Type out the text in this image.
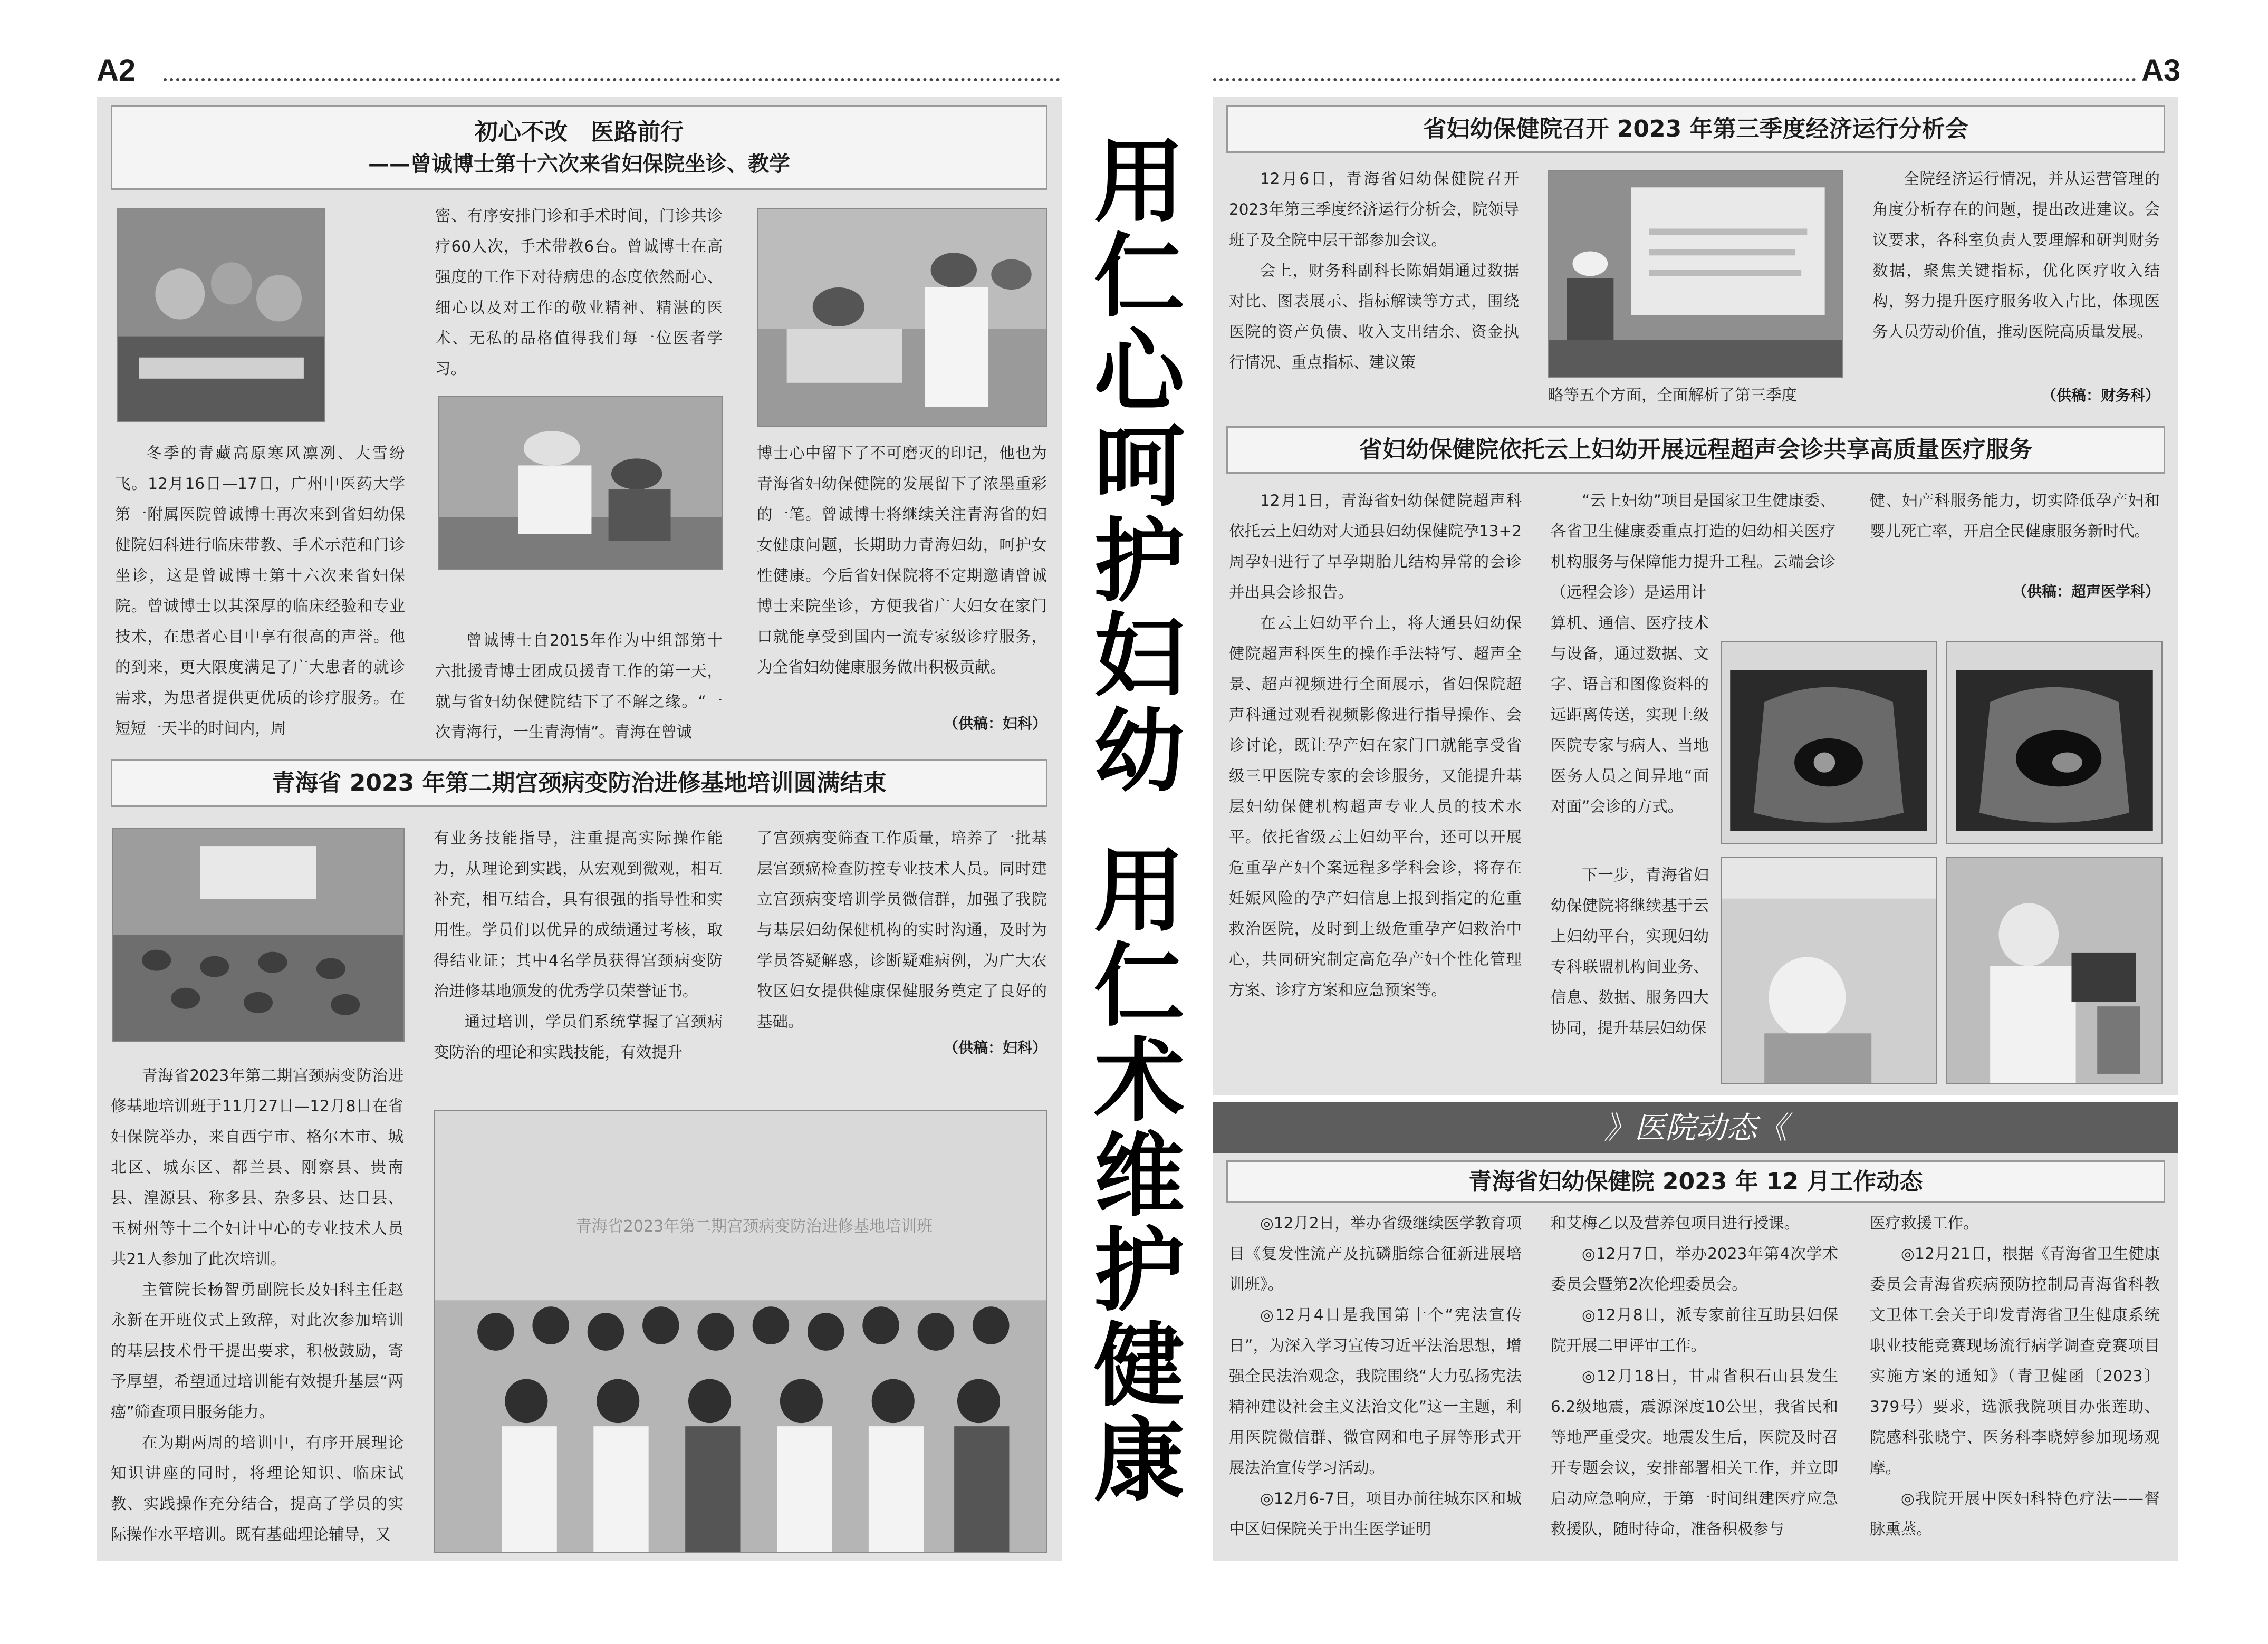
A2	A3
初心不改　医路前行
——曾诚博士第十六次来省妇保院坐诊、教学

冬季的青藏高原寒风凛冽、大雪纷飞。12月16日—17日，广州中医药大学第一附属医院曾诚博士再次来到省妇幼保健院妇科进行临床带教、手术示范和门诊坐诊，这是曾诚博士第十六次来省妇保院。曾诚博士以其深厚的临床经验和专业技术，在患者心目中享有很高的声誉。他的到来，更大限度满足了广大患者的就诊需求，为患者提供更优质的诊疗服务。在短短一天半的时间内，周

密、有序安排门诊和手术时间，门诊共诊疗60人次，手术带教6台。曾诚博士在高强度的工作下对待病患的态度依然耐心、细心以及对工作的敬业精神、精湛的医术、无私的品格值得我们每一位医者学习。

曾诚博士自2015年作为中组部第十六批援青博士团成员援青工作的第一天，就与省妇幼保健院结下了不解之缘。“一次青海行，一生青海情”。青海在曾诚

博士心中留下了不可磨灭的印记，他也为青海省妇幼保健院的发展留下了浓墨重彩的一笔。曾诚博士将继续关注青海省的妇女健康问题，长期助力青海妇幼，呵护女性健康。今后省妇保院将不定期邀请曾诚博士来院坐诊，方便我省广大妇女在家门口就能享受到国内一流专家级诊疗服务，为全省妇幼健康服务做出积极贡献。

（供稿：妇科）
青海省 2023 年第二期宫颈病变防治进修基地培训圆满结束

青海省2023年第二期宫颈病变防治进修基地培训班于11月27日—12月8日在省妇保院举办，来自西宁市、格尔木市、城北区、城东区、都兰县、刚察县、贵南县、湟源县、称多县、杂多县、达日县、玉树州等十二个妇计中心的专业技术人员共21人参加了此次培训。

主管院长杨智勇副院长及妇科主任赵永新在开班仪式上致辞，对此次参加培训的基层技术骨干提出要求，积极鼓励，寄予厚望，希望通过培训能有效提升基层“两癌”筛查项目服务能力。

在为期两周的培训中，有序开展理论知识讲座的同时，将理论知识、临床试教、实践操作充分结合，提高了学员的实际操作水平培训。既有基础理论辅导，又

有业务技能指导，注重提高实际操作能力，从理论到实践，从宏观到微观，相互补充，相互结合，具有很强的指导性和实用性。学员们以优异的成绩通过考核，取得结业证；其中4名学员获得宫颈病变防治进修基地颁发的优秀学员荣誉证书。

通过培训，学员们系统掌握了宫颈病变防治的理论和实践技能，有效提升

了宫颈病变筛查工作质量，培养了一批基层宫颈癌检查防控专业技术人员。同时建立宫颈病变培训学员微信群，加强了我院与基层妇幼保健机构的实时沟通，及时为学员答疑解惑，诊断疑难病例，为广大农牧区妇女提供健康保健服务奠定了良好的基础。

（供稿：妇科）
青海省2023年第二期宫颈病变防治进修基地培训班
用仁心呵护妇幼
用仁术维护健康
省妇幼保健院召开 2023 年第三季度经济运行分析会

12月6日，青海省妇幼保健院召开2023年第三季度经济运行分析会，院领导班子及全院中层干部参加会议。

会上，财务科副科长陈娟娟通过数据对比、图表展示、指标解读等方式，围绕医院的资产负债、收入支出结余、资金执行情况、重点指标、建议策

略等五个方面，全面解析了第三季度

全院经济运行情况，并从运营管理的角度分析存在的问题，提出改进建议。会议要求，各科室负责人要理解和研判财务数据，聚焦关键指标，优化医疗收入结构，努力提升医疗服务收入占比，体现医务人员劳动价值，推动医院高质量发展。

（供稿：财务科）
省妇幼保健院依托云上妇幼开展远程超声会诊共享高质量医疗服务

12月1日，青海省妇幼保健院超声科依托云上妇幼对大通县妇幼保健院孕13+2周孕妇进行了早孕期胎儿结构异常的会诊并出具会诊报告。

在云上妇幼平台上，将大通县妇幼保健院超声科医生的操作手法特写、超声全景、超声视频进行全面展示，省妇保院超声科通过观看视频影像进行指导操作、会诊讨论，既让孕产妇在家门口就能享受省级三甲医院专家的会诊服务，又能提升基层妇幼保健机构超声专业人员的技术水平。依托省级云上妇幼平台，还可以开展危重孕产妇个案远程多学科会诊，将存在妊娠风险的孕产妇信息上报到指定的危重救治医院，及时到上级危重孕产妇救治中心，共同研究制定高危孕产妇个性化管理方案、诊疗方案和应急预案等。

“云上妇幼”项目是国家卫生健康委、各省卫生健康委重点打造的妇幼相关医疗机构服务与保障能力提升工程。云端会诊（远程会诊）是运用计

算机、通信、医疗技术与设备，通过数据、文字、语言和图像资料的远距离传送，实现上级医院专家与病人、当地医务人员之间异地“面对面”会诊的方式。

下一步，青海省妇幼保健院将继续基于云上妇幼平台，实现妇幼专科联盟机构间业务、信息、数据、服务四大协同，提升基层妇幼保

健、妇产科服务能力，切实降低孕产妇和婴儿死亡率，开启全民健康服务新时代。

（供稿：超声医学科）
》医院动态《
青海省妇幼保健院 2023 年 12 月工作动态

◎12月2日，举办省级继续医学教育项目《复发性流产及抗磷脂综合征新进展培训班》。

◎12月4日是我国第十个“宪法宣传日”，为深入学习宣传习近平法治思想，增强全民法治观念，我院围绕“大力弘扬宪法精神建设社会主义法治文化”这一主题，利用医院微信群、微官网和电子屏等形式开展法治宣传学习活动。

◎12月6-7日，项目办前往城东区和城中区妇保院关于出生医学证明

和艾梅乙以及营养包项目进行授课。

◎12月7日，举办2023年第4次学术委员会暨第2次伦理委员会。

◎12月8日，派专家前往互助县妇保院开展二甲评审工作。

◎12月18日，甘肃省积石山县发生6.2级地震，震源深度10公里，我省民和等地严重受灾。地震发生后，医院及时召开专题会议，安排部署相关工作，并立即启动应急响应，于第一时间组建医疗应急救援队，随时待命，准备积极参与

医疗救援工作。

◎12月21日，根据《青海省卫生健康委员会青海省疾病预防控制局青海省科教文卫体工会关于印发青海省卫生健康系统职业技能竞赛现场流行病学调查竞赛项目实施方案的通知》（青卫健函〔2023〕379号）要求，选派我院项目办张莲助、院感科张晓宁、医务科李晓婷参加现场观摩。

◎我院开展中医妇科特色疗法——督脉熏蒸。
